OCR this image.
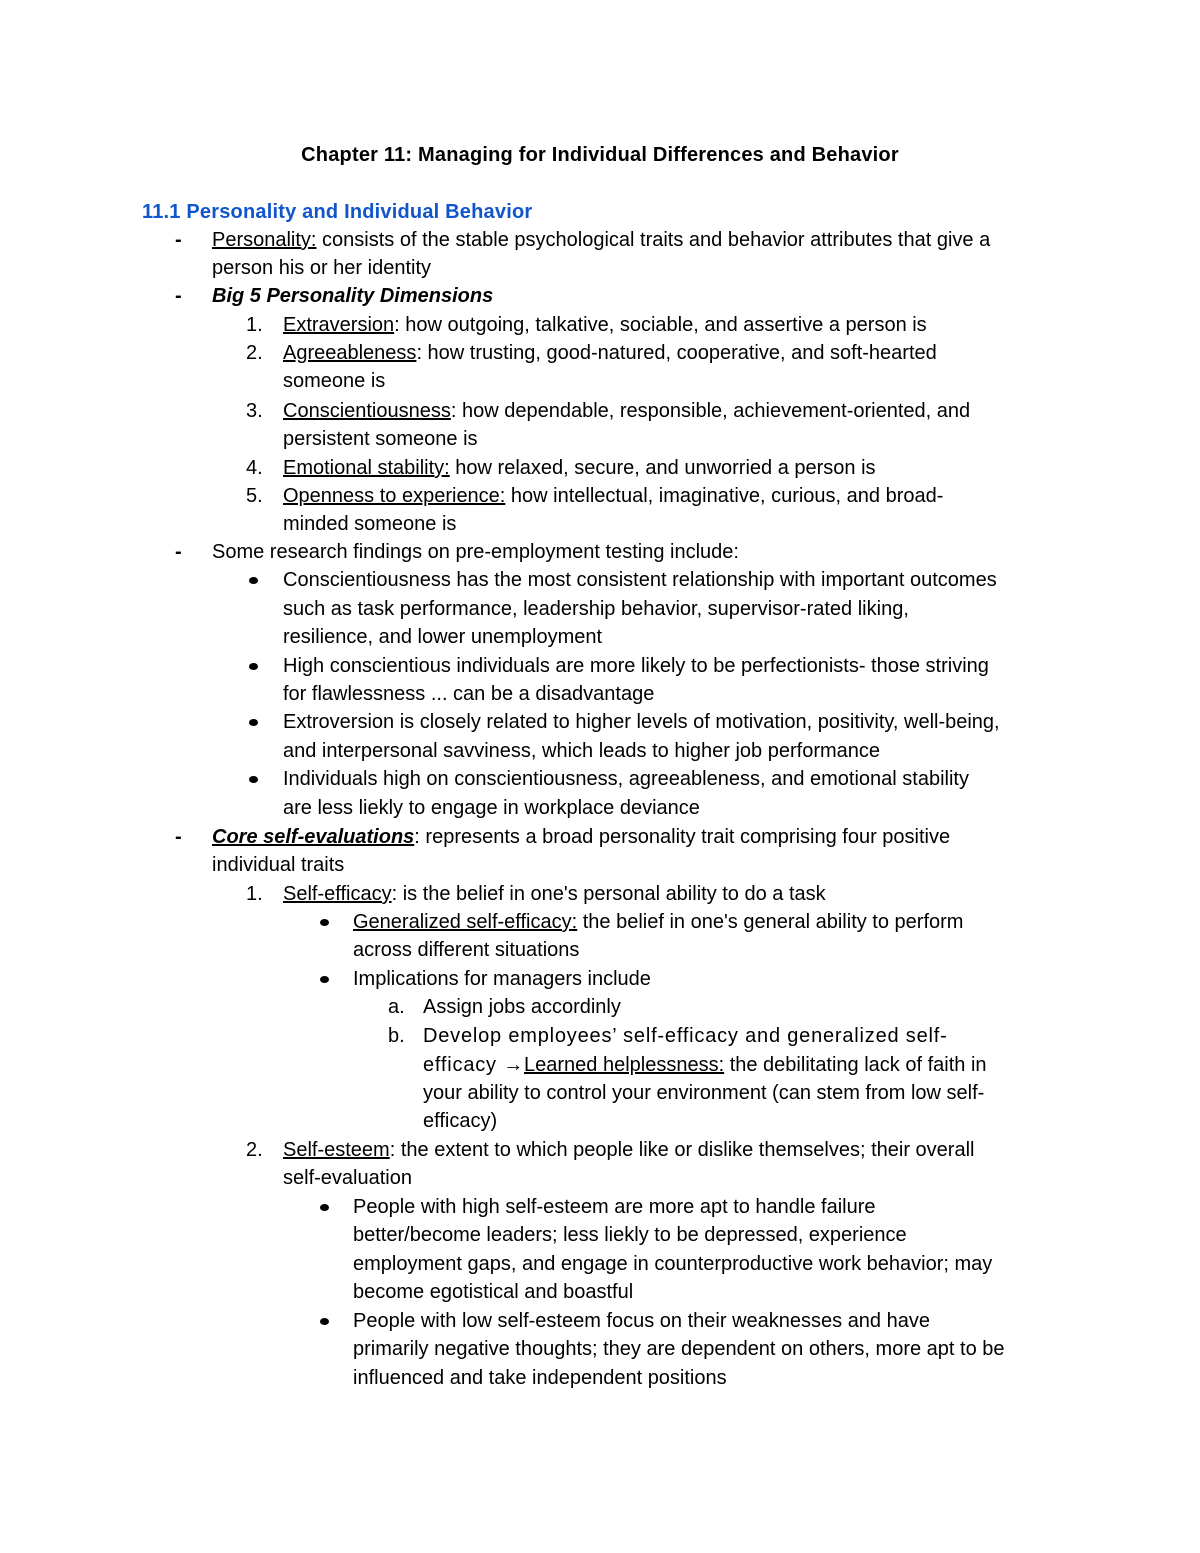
Chapter 11: Managing for Individual Differences and Behavior
11.1 Personality and Individual Behavior
- Personality: consists of the stable psychological traits and behavior attributes that give a
person his or her identity
- Big 5 Personality Dimensions
1. Extraversion: how outgoing, talkative, sociable, and assertive a person is
2. Agreeableness: how trusting, good-natured, cooperative, and soft-hearted
someone is
3. Conscientiousness: how dependable, responsible, achievement-oriented, and
persistent someone is
4. Emotional stability: how relaxed, secure, and unworried a person is
5. Openness to experience: how intellectual, imaginative, curious, and broad-
minded someone is
- Some research findings on pre-employment testing include:
Conscientiousness has the most consistent relationship with important outcomes
such as task performance, leadership behavior, supervisor-rated liking,
resilience, and lower unemployment
High conscientious individuals are more likely to be perfectionists- those striving
for flawlessness ... can be a disadvantage
Extroversion is closely related to higher levels of motivation, positivity, well-being,
and interpersonal savviness, which leads to higher job performance
Individuals high on conscientiousness, agreeableness, and emotional stability
are less liekly to engage in workplace deviance
- Core self-evaluations: represents a broad personality trait comprising four positive
individual traits
1. Self-efficacy: is the belief in one's personal ability to do a task
Generalized self-efficacy: the belief in one's general ability to perform
across different situations
Implications for managers include
a. Assign jobs accordinly
b. Develop employees’ self-efficacy and generalized self-
efficacy →Learned helplessness: the debilitating lack of faith in
your ability to control your environment (can stem from low self-
efficacy)
2. Self-esteem: the extent to which people like or dislike themselves; their overall
self-evaluation
People with high self-esteem are more apt to handle failure
better/become leaders; less liekly to be depressed, experience
employment gaps, and engage in counterproductive work behavior; may
become egotistical and boastful
People with low self-esteem focus on their weaknesses and have
primarily negative thoughts; they are dependent on others, more apt to be
influenced and take independent positions
